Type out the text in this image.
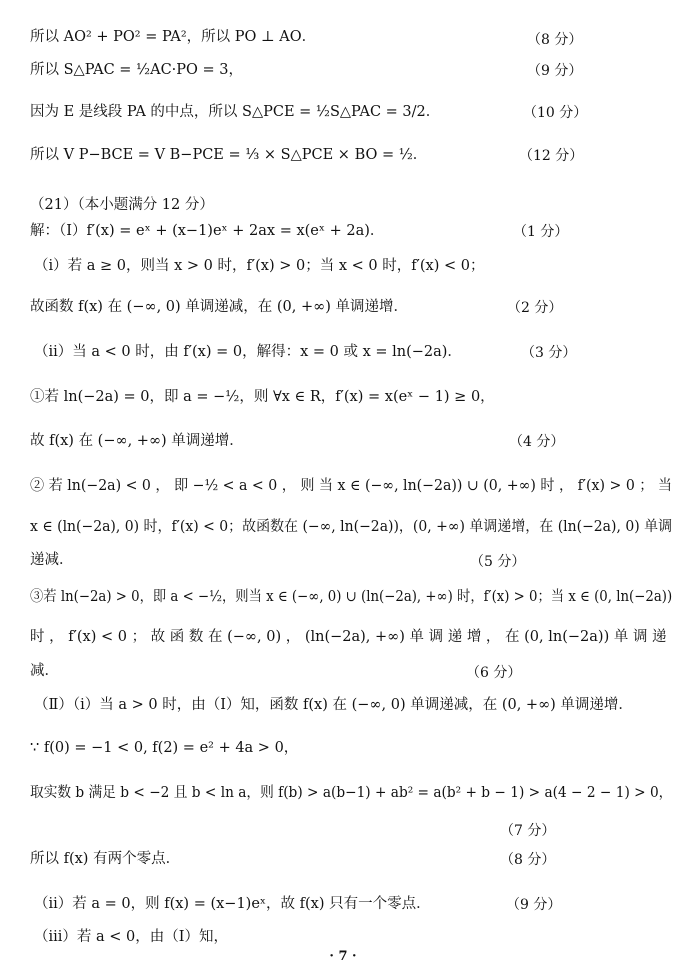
所以 AO² + PO² = PA²，所以 PO ⊥ AO．	（8 分）
所以 S△PAC = ½AC·PO = 3，	（9 分）
因为 E 是线段 PA 的中点，所以 S△PCE = ½S△PAC = 3/2．	（10 分）
所以 V P−BCE = V B−PCE = ⅓ × S△PCE × BO = ½．	（12 分）
（21）（本小题满分 12 分）
解：（Ⅰ）f′(x) = eˣ + (x−1)eˣ + 2ax = x(eˣ + 2a)．	（1 分）
（i）若 a ≥ 0，则当 x > 0 时，f′(x) > 0；当 x < 0 时，f′(x) < 0；
故函数 f(x) 在 (−∞, 0) 单调递减，在 (0, +∞) 单调递增．	（2 分）
（ii）当 a < 0 时，由 f′(x) = 0，解得：x = 0 或 x = ln(−2a)．	（3 分）
①若 ln(−2a) = 0，即 a = −½，则 ∀x ∈ R，f′(x) = x(eˣ − 1) ≥ 0，
故 f(x) 在 (−∞, +∞) 单调递增．	（4 分）
② 若 ln(−2a) < 0 ， 即 −½ < a < 0 ， 则 当 x ∈ (−∞, ln(−2a)) ∪ (0, +∞) 时 ， f′(x) > 0 ； 当
x ∈ (ln(−2a), 0) 时，f′(x) < 0；故函数在 (−∞, ln(−2a))，(0, +∞) 单调递增，在 (ln(−2a), 0) 单调
递减．	（5 分）
③若 ln(−2a) > 0，即 a < −½，则当 x ∈ (−∞, 0) ∪ (ln(−2a), +∞) 时，f′(x) > 0；当 x ∈ (0, ln(−2a))
时 ， f′(x) < 0 ； 故 函 数 在 (−∞, 0) ， (ln(−2a), +∞) 单 调 递 增 ， 在 (0, ln(−2a)) 单 调 递
减．	（6 分）
（Ⅱ）（i）当 a > 0 时，由（Ⅰ）知，函数 f(x) 在 (−∞, 0) 单调递减，在 (0, +∞) 单调递增．
∵ f(0) = −1 < 0, f(2) = e² + 4a > 0，
取实数 b 满足 b < −2 且 b < ln a，则 f(b) > a(b−1) + ab² = a(b² + b − 1) > a(4 − 2 − 1) > 0，
（7 分）
所以 f(x) 有两个零点．	（8 分）
（ii）若 a = 0，则 f(x) = (x−1)eˣ，故 f(x) 只有一个零点．	（9 分）
（iii）若 a < 0，由（Ⅰ）知，
· 7 ·
